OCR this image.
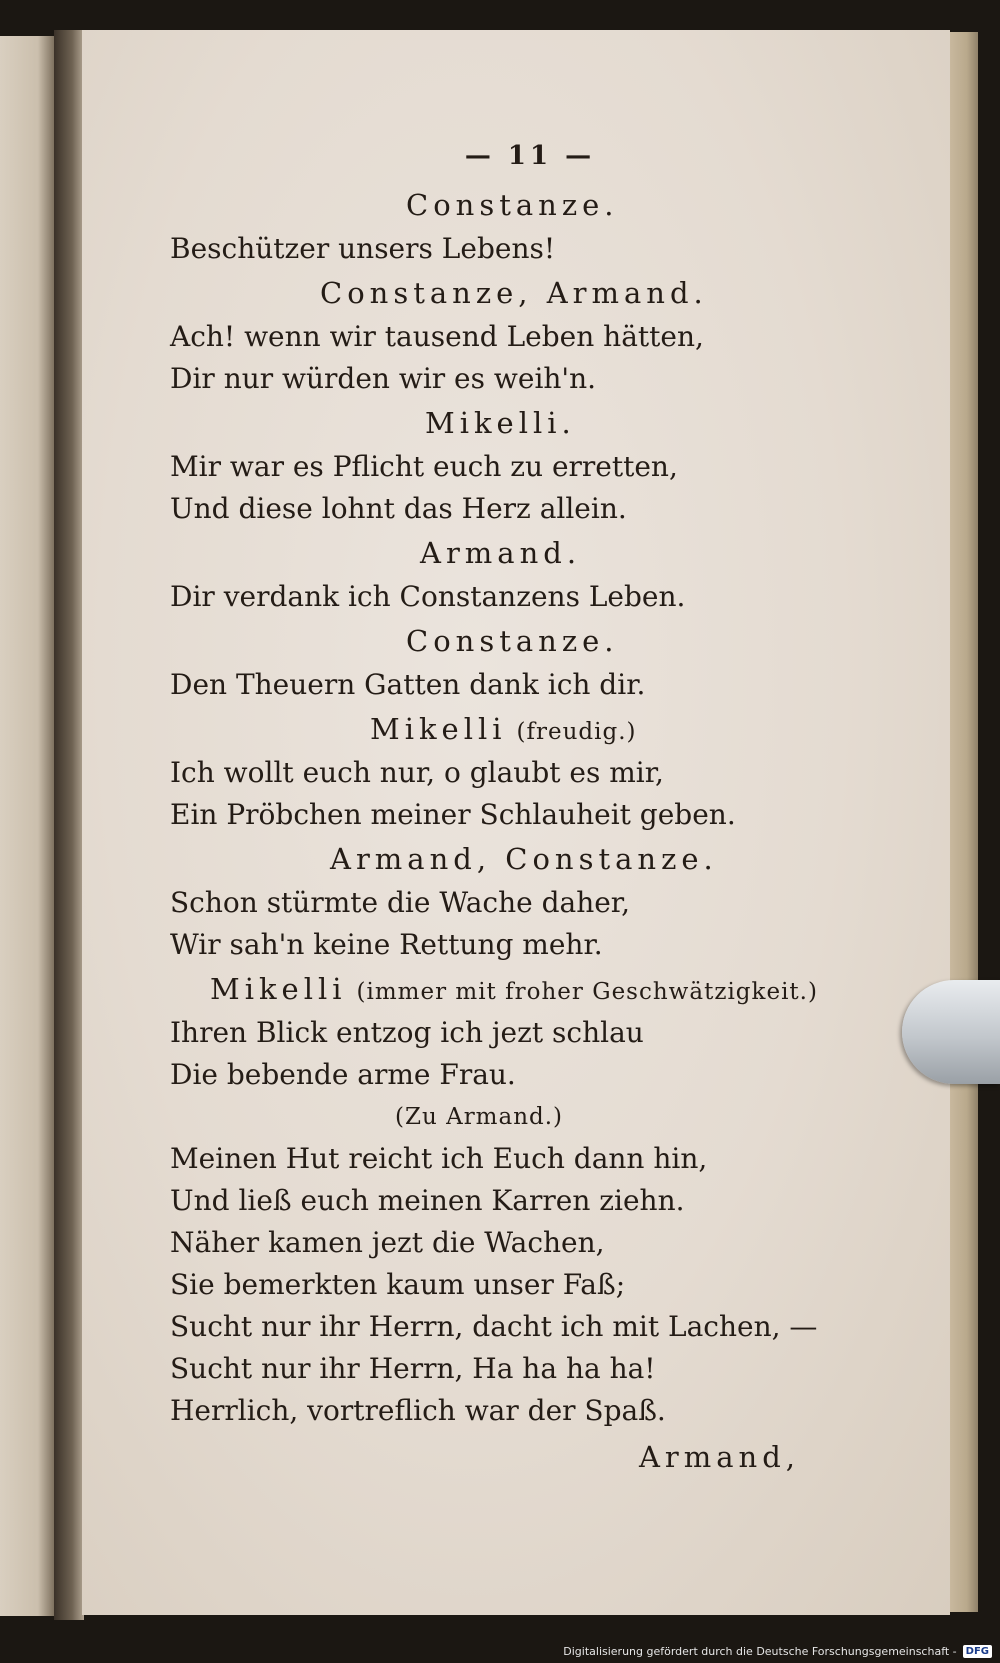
— 11 —
Constanze.
Beschützer unsers Lebens!
Constanze, Armand.
Ach! wenn wir tausend Leben hätten,
Dir nur würden wir es weih'n.
Mikelli.
Mir war es Pflicht euch zu erretten,
Und diese lohnt das Herz allein.
Armand.
Dir verdank ich Constanzens Leben.
Constanze.
Den Theuern Gatten dank ich dir.
Mikelli (freudig.)
Ich wollt euch nur, o glaubt es mir,
Ein Pröbchen meiner Schlauheit geben.
Armand, Constanze.
Schon stürmte die Wache daher,
Wir sah'n keine Rettung mehr.
Mikelli (immer mit froher Geschwätzigkeit.)
Ihren Blick entzog ich jezt schlau
Die bebende arme Frau.
(Zu Armand.)
Meinen Hut reicht ich Euch dann hin,
Und ließ euch meinen Karren ziehn.
Näher kamen jezt die Wachen,
Sie bemerkten kaum unser Faß;
Sucht nur ihr Herrn, dacht ich mit Lachen, —
Sucht nur ihr Herrn, Ha ha ha ha!
Herrlich, vortreflich war der Spaß.
Armand,
Digitalisierung gefördert durch die Deutsche Forschungsgemeinschaft - DFG
